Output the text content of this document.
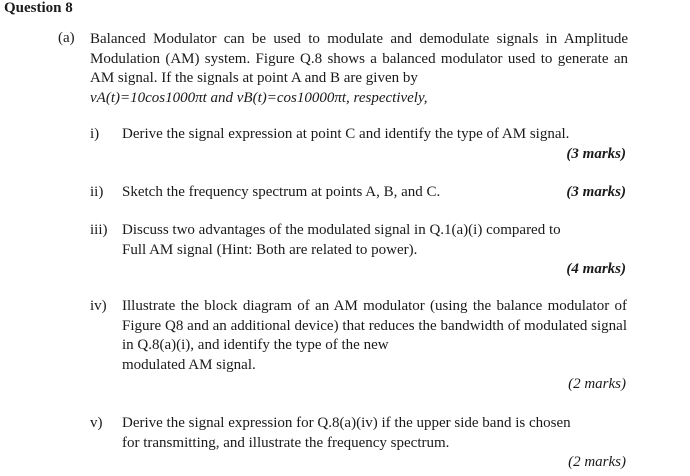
Question 8
(a) Balanced Modulator can be used to modulate and demodulate signals in Amplitude Modulation (AM) system. Figure Q.8 shows a balanced modulator used to generate an AM signal. If the signals at point A and B are given by
vA(t)=10cos1000πt and vB(t)=cos10000πt, respectively,
i)	Derive the signal expression at point C and identify the type of AM signal.
(3 marks)
ii)	Sketch the frequency spectrum at points A, B, and C.	(3 marks)
iii) Discuss two advantages of the modulated signal in Q.1(a)(i) compared to
Full AM signal (Hint: Both are related to power).
(4 marks)
iv)	Illustrate the block diagram of an AM modulator (using the balance modulator of Figure Q8 and an additional device) that reduces the bandwidth of modulated signal in Q.8(a)(i), and identify the type of the new
modulated AM signal.
(2 marks)
v)	Derive the signal expression for Q.8(a)(iv) if the upper side band is chosen
for transmitting, and illustrate the frequency spectrum.
(2 marks)
